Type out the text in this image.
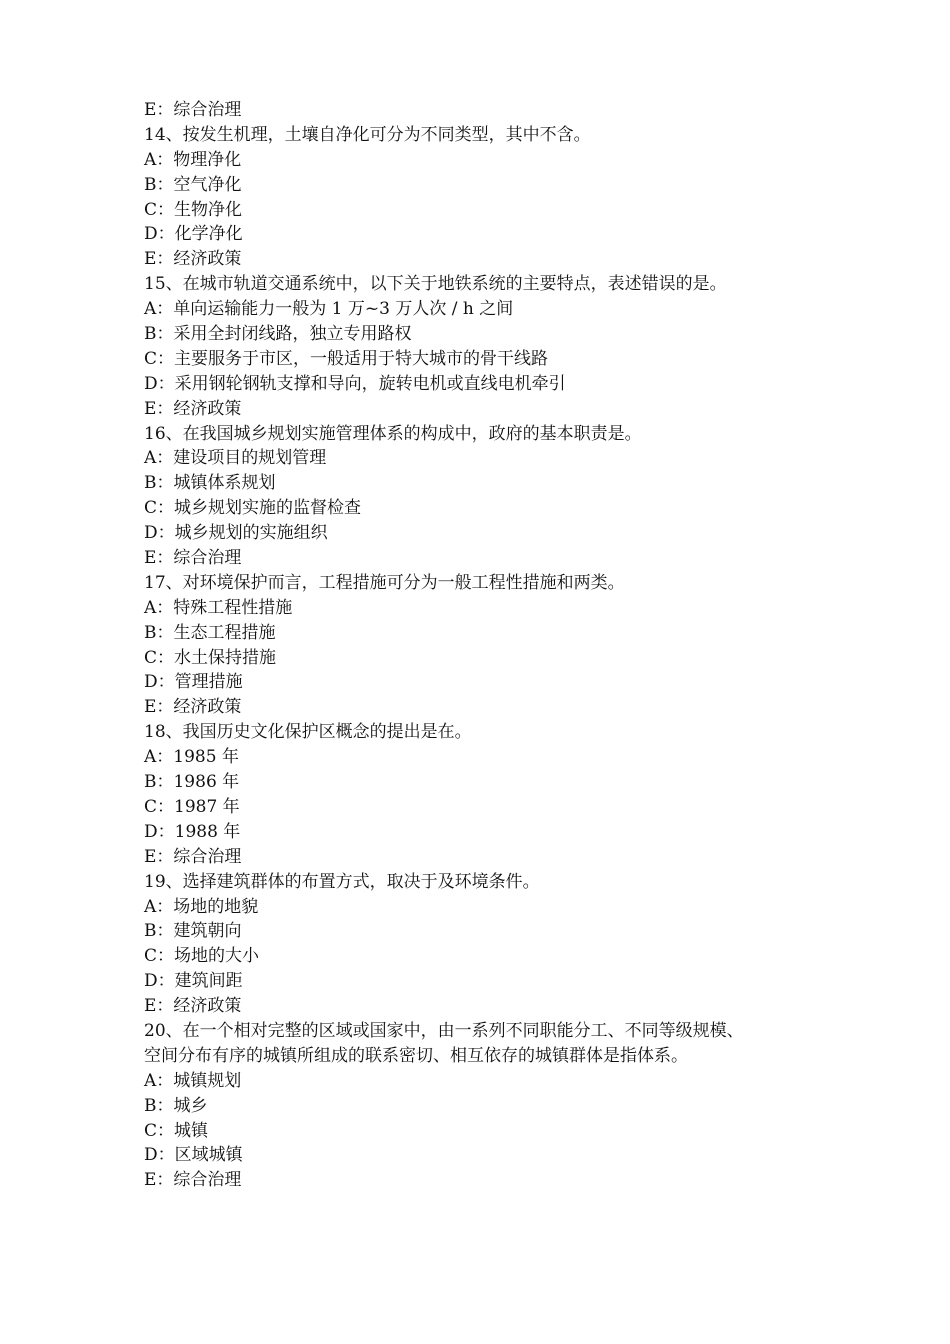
E：综合治理

14、按发生机理，土壤自净化可分为不同类型，其中不含。

A：物理净化

B：空气净化

C：生物净化

D：化学净化

E：经济政策

15、在城市轨道交通系统中，以下关于地铁系统的主要特点，表述错误的是。

A：单向运输能力一般为 1 万~3 万人次 / h 之间

B：采用全封闭线路，独立专用路权

C：主要服务于市区，一般适用于特大城市的骨干线路

D：采用钢轮钢轨支撑和导向，旋转电机或直线电机牵引

E：经济政策

16、在我国城乡规划实施管理体系的构成中，政府的基本职责是。

A：建设项目的规划管理

B：城镇体系规划

C：城乡规划实施的监督检查

D：城乡规划的实施组织

E：综合治理

17、对环境保护而言，工程措施可分为一般工程性措施和两类。

A：特殊工程性措施

B：生态工程措施

C：水土保持措施

D：管理措施

E：经济政策

18、我国历史文化保护区概念的提出是在。

A：1985 年

B：1986 年

C：1987 年

D：1988 年

E：综合治理

19、选择建筑群体的布置方式，取决于及环境条件。

A：场地的地貌

B：建筑朝向

C：场地的大小

D：建筑间距

E：经济政策

20、在一个相对完整的区域或国家中，由一系列不同职能分工、不同等级规模、

空间分布有序的城镇所组成的联系密切、相互依存的城镇群体是指体系。

A：城镇规划

B：城乡

C：城镇

D：区域城镇

E：综合治理
